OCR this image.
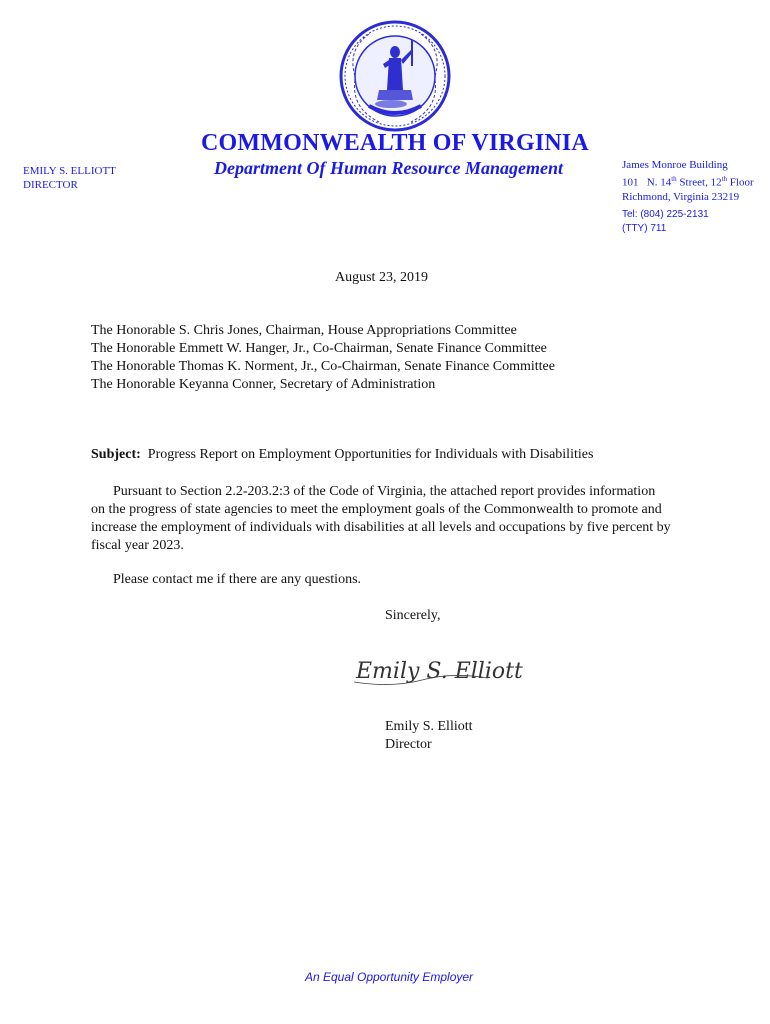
COMMONWEALTH OF VIRGINIA
Department Of Human Resource Management
EMILY S. ELLIOTT
DIRECTOR
James Monroe Building
101 N. 14th Street, 12th Floor
Richmond, Virginia 23219
Tel: (804) 225-2131
(TTY) 711
August 23, 2019
The Honorable S. Chris Jones, Chairman, House Appropriations Committee
The Honorable Emmett W. Hanger, Jr., Co-Chairman, Senate Finance Committee
The Honorable Thomas K. Norment, Jr., Co-Chairman, Senate Finance Committee
The Honorable Keyanna Conner, Secretary of Administration
Subject: Progress Report on Employment Opportunities for Individuals with Disabilities
Pursuant to Section 2.2-203.2:3 of the Code of Virginia, the attached report provides information on the progress of state agencies to meet the employment goals of the Commonwealth to promote and increase the employment of individuals with disabilities at all levels and occupations by five percent by fiscal year 2023.
Please contact me if there are any questions.
Sincerely,
Emily S. Elliott
Emily S. Elliott
Director
An Equal Opportunity Employer
